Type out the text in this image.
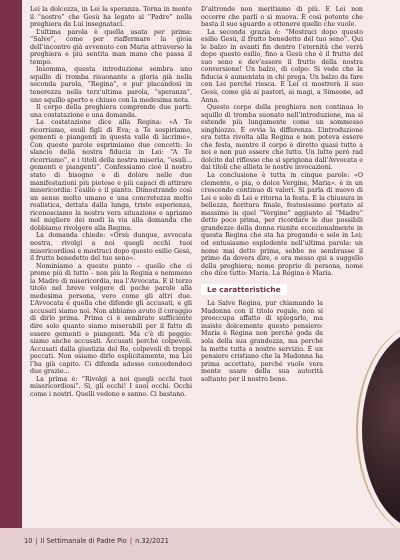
Lei la dolcezza, in Lei la speranza. Torna in mente il “nostro” che Gesù ha legato al “Padre” nella preghiera da Lui insegnataci.

L’ultima parola è quella usata per prima: “Salve”, come per riaffermare la gioia dell’incontro già avvenuto con Maria attraverso la preghiera e più sentita man mano che passa il tempo.

Insomma, questa introduzione sembra uno squillo di tromba risuonante a gloria già nella seconda parola, “Regina”, e pur placandosi in tenerezza nella terz’ultima parola, “speranza”, uno squillo aperto e chiuso con la medesima nota.

Il corpo della preghiera comprende due parti: una costatazione e una domanda.

La costatazione dice alla Regina: «A Te ricorriamo, esuli figli di Eva; a Te sospiriamo, gementi e piangenti in questa valle di lacrime». Con queste parole esprimiamo due concetti: lo slancio della nostra fiducia in Lei: “A Te ricorriamo”, e i titoli della nostra miseria, “esuli... gementi e piangenti”. Confessiamo cioè il nostro stato di bisogno e di dolore nelle due manifestazioni più pietose e più capaci di attirare misericordia: l’esilio e il pianto. Dimostrando così un senso molto umano e una concretezza molto realistica, dettata dalla lunga, triste esperienza, riconosciamo la nostra vera situazione e apriamo nel migliore dei modi la via alla domanda che dobbiamo rivolgere alla Regina.

La domanda chiede: «Orsù dunque, avvocata nostra, rivolgi a noi quegli occhi tuoi misericordiosi e mostraci dopo questo esilio Gesù, il frutto benedetto del tuo seno».

Nominiamo a questo punto – quello che ci preme più di tutto – non più la Regina e nemmeno la Madre di misericordia, ma l’Avvocata. E il terzo titolo nel breve volgere di poche parole alla medesima persona, vero come gli altri due. L’Avvocata è quella che difende gli accusati, e gli accusati siamo noi. Non abbiamo avuto il coraggio di dirlo prima. Prima ci è sembrato sufficiente dire solo quanto siamo miserabili per il fatto di essere gementi e piangenti. Ma c’è di peggio: siamo anche accusati. Accusati perché colpevoli. Accusati dalla giustizia del Re, colpevoli di troppi peccati. Non osiamo dirlo esplicitamente, ma Lei l’ha già capito. Ci difenda adesso concedendoci due grazie...

La prima è: “Rivolgi a noi quegli occhi tuoi misericordiosi”. Sì, gli occhi! I suoi occhi. Occhi come i nostri. Quelli vedono e sanno. Ci bastano.

D’altronde non meritiamo di più. E Lei non occorre che parli o si muova. È così potente che basta il suo sguardo a ottenere quello che vuole.

La seconda grazia è: “Mostraci dopo questo esilio Gesù, il frutto benedetto del tuo seno”. Qui le balzo in avanti fin dentro l’eternità che verrà dopo questo esilio, fino a Gesù che è il frutto del suo seno e dev’essere il frutto della nostra conversione! Un balzo, di colpo: Si vede che la fiducia è aumentata in chi prega. Un balzo da fare con Lei perché riesca. E Lei ci mostrerà il suo Gesù, come già ai pastori, ai magi, a Simeone, ad Anna.

Questo corpo della preghiera non continua lo squillo di tromba suonato nell’introduzione, ma si estende più lungamente come un sommesso singhiozzo. È ovvia la differenza. L’introduzione era tutta rivolta alla Regina e non poteva essere che festa, mentre il corpo è diretto quasi tutto a noi e non può essere che lutto. Un lutto però rad dolcito dal riflesso che si sprigiona dall’Avvocata e dai titoli che allieta le nostre invocazioni.

La conclusione è tutta in cinque parole: «O clemente, o pia, o dolce Vergine, Maria». è in un crescendo continuo di valori. Si parla di nuovo di Lei e solo di Lei e ritorna la festa. E la chiusura in bellezza, fioritura finale, festosissimo portato al massimo in quel “Vergine” aggiunto al “Madre” detto poco prima, per ricordare le due possibili grandezze della donna riunite eccezionalmente in questa Regina che sta ha pregando e solo in Lei; ed entusiasmo esplodente nell’ultima parola: un nome mai detto prima, sebbe ne sembrasse il primo da dovers dire, e ora messo qui a suggello della preghiera; nome proprio di persona, nome che dice tutto: Maria. La Regina è Maria.

Le caratteristiche

La Salve Regina, pur chiamando la Madonna con il titolo regale, non si preoccupa affatto di spiegarlo, ma insiste dolcemente questo pensiero: Maria è Regina non perché goda da sola della sua grandezza, ma perché la mette tutta a nostro servizio. È un pensiero cristiano che la Madonna ha prima accettato, perché vuole vera mente usare della sua autorità soltanto per il nostro bene.

10 | Il Settimanale di Padre Pio | n.32/2021
